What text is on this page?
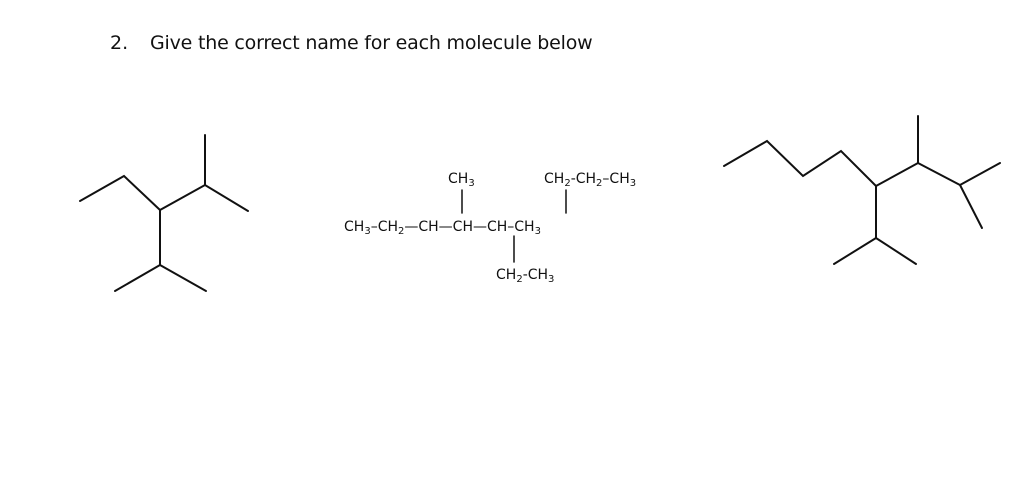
2. Give the correct name for each molecule below
$CH_3-CH_2—CH—CH—CH-CH_3$
$CH_3$	$CH_2-CH_2-CH_3$
$CH_2-CH_3$
